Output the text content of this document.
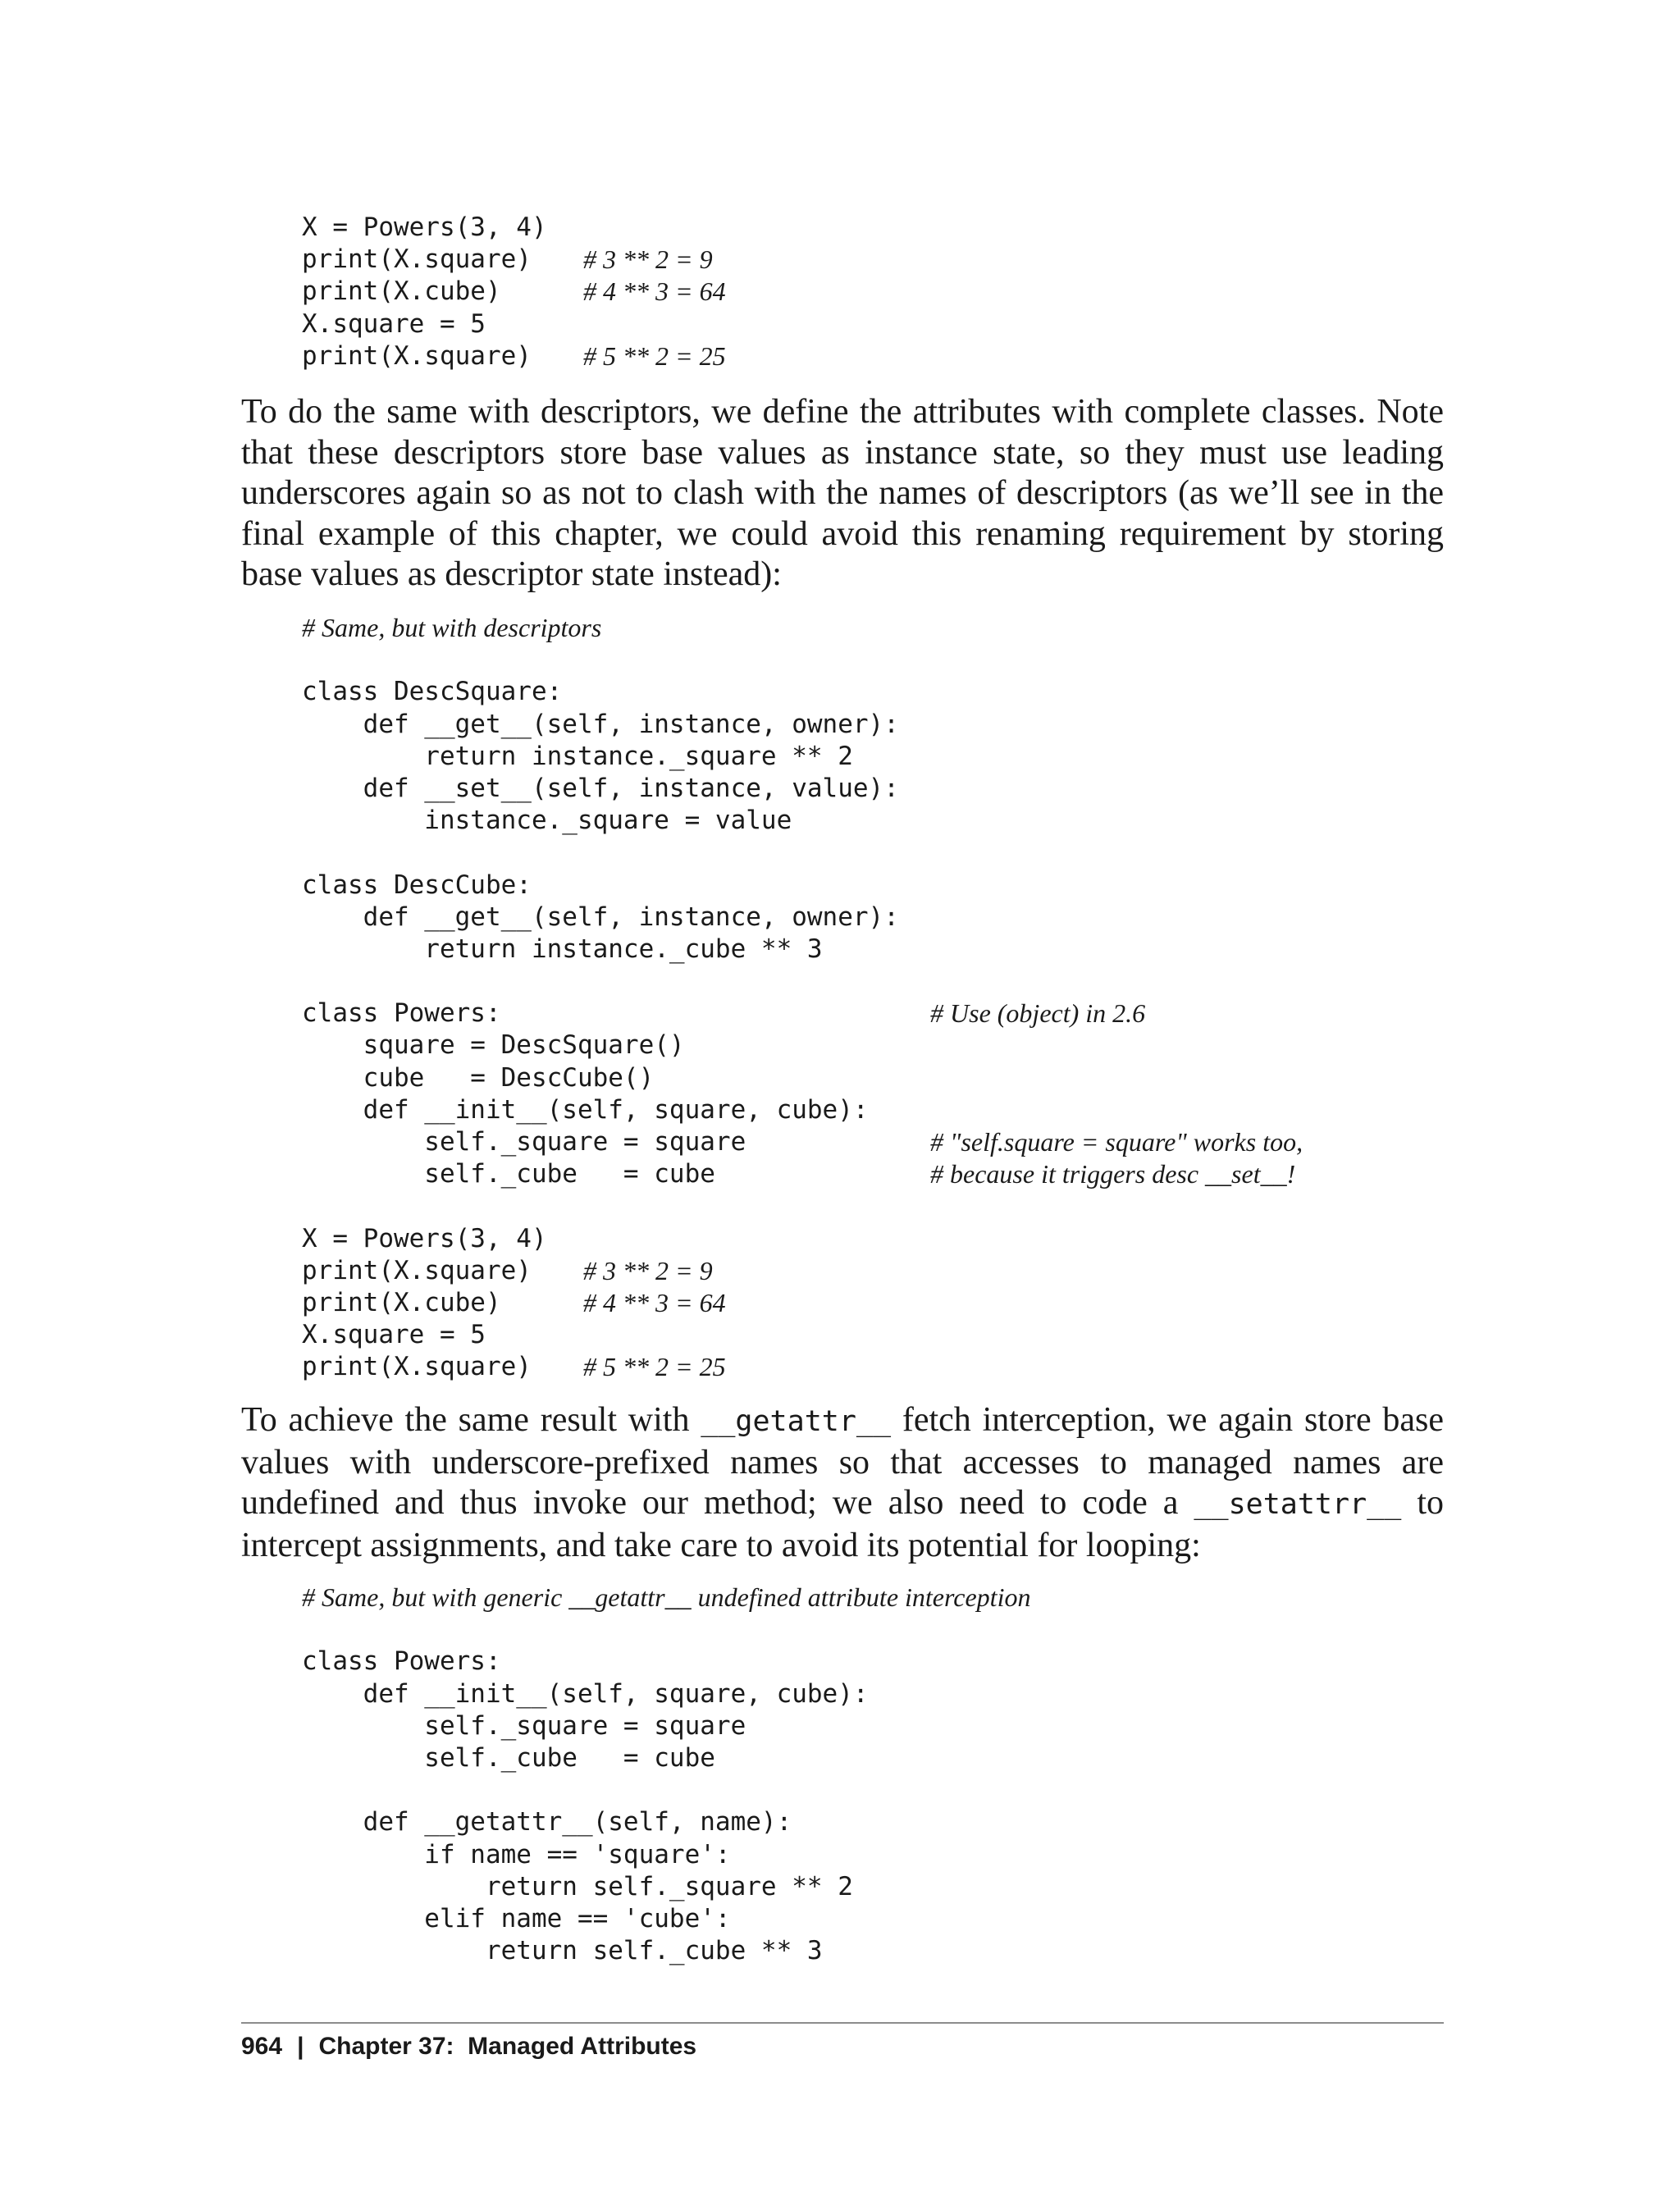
X = Powers(3, 4)
print(X.square) # 3 ** 2 = 9
print(X.cube)	# 4 ** 3 = 64
X.square = 5
print(X.square) # 5 ** 2 = 25

To do the same with descriptors, we define the attributes with complete classes. Note that these descriptors store base values as instance state, so they must use leading underscores again so as not to clash with the names of descriptors (as we’ll see in the final example of this chapter, we could avoid this renaming requirement by storing base values as descriptor state instead):

# Same, but with descriptors
class DescSquare:
def __get__(self, instance, owner):
return instance._square ** 2
def __set__(self, instance, value):
instance._square = value
class DescCube:
def __get__(self, instance, owner):
return instance._cube ** 3
class Powers:	# Use (object) in 2.6
square = DescSquare()
cube   = DescCube()
def __init__(self, square, cube):
self._square = square	# "self.square = square" works too,
self._cube   = cube	# because it triggers desc __set__!
X = Powers(3, 4)
print(X.square) # 3 ** 2 = 9
print(X.cube)	# 4 ** 3 = 64
X.square = 5
print(X.square) # 5 ** 2 = 25

To achieve the same result with __getattr__ fetch interception, we again store base values with underscore-prefixed names so that accesses to managed names are undefined and thus invoke our method; we also need to code a __setattrr__ to intercept assignments, and take care to avoid its potential for looping:

# Same, but with generic __getattr__ undefined attribute interception
class Powers:
def __init__(self, square, cube):
self._square = square
self._cube   = cube
def __getattr__(self, name):
if name == 'square':
return self._square ** 2
elif name == 'cube':
return self._cube ** 3
964 | Chapter 37:  Managed Attributes
